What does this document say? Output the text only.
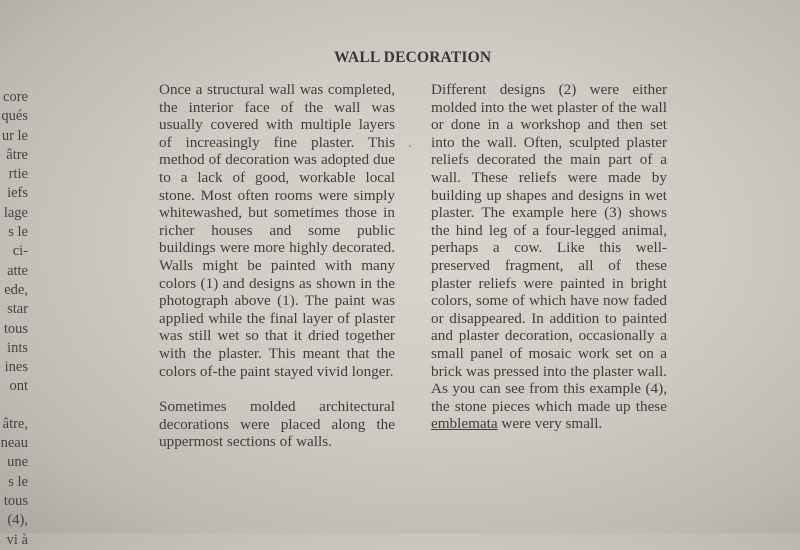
core
qués
ur le
âtre
rtie
iefs
lage
s le
ci-
atte
ede,
star
tous
ints
ines
ont
âtre,
neau
une
s le
tous
(4),
vi à
WALL DECORATION
,

Once a structural wall was completed, the interior face of the wall was usually covered with multiple layers of increasingly fine plaster. This method of decoration was adopted due to a lack of good, workable local stone. Most often rooms were simply whitewashed, but sometimes those in richer houses and some public buildings were more highly decorated. Walls might be painted with many colors (1) and designs as shown in the photograph above (1). The paint was applied while the final layer of plaster was still wet so that it dried together with the plaster. This meant that the colors of-the paint stayed vivid longer.

Sometimes molded architectural decorations were placed along the uppermost sections of walls.

Different designs (2) were either molded into the wet plaster of the wall or done in a workshop and then set into the wall. Often, sculpted plaster reliefs decorated the main part of a wall. These reliefs were made by building up shapes and designs in wet plaster. The example here (3) shows the hind leg of a four-legged animal, perhaps a cow. Like this well-preserved fragment, all of these plaster reliefs were painted in bright colors, some of which have now faded or disappeared. In addition to painted and plaster decoration, occasionally a small panel of mosaic work set on a brick was pressed into the plaster wall. As you can see from this example (4), the stone pieces which made up these emblemata were very small.
